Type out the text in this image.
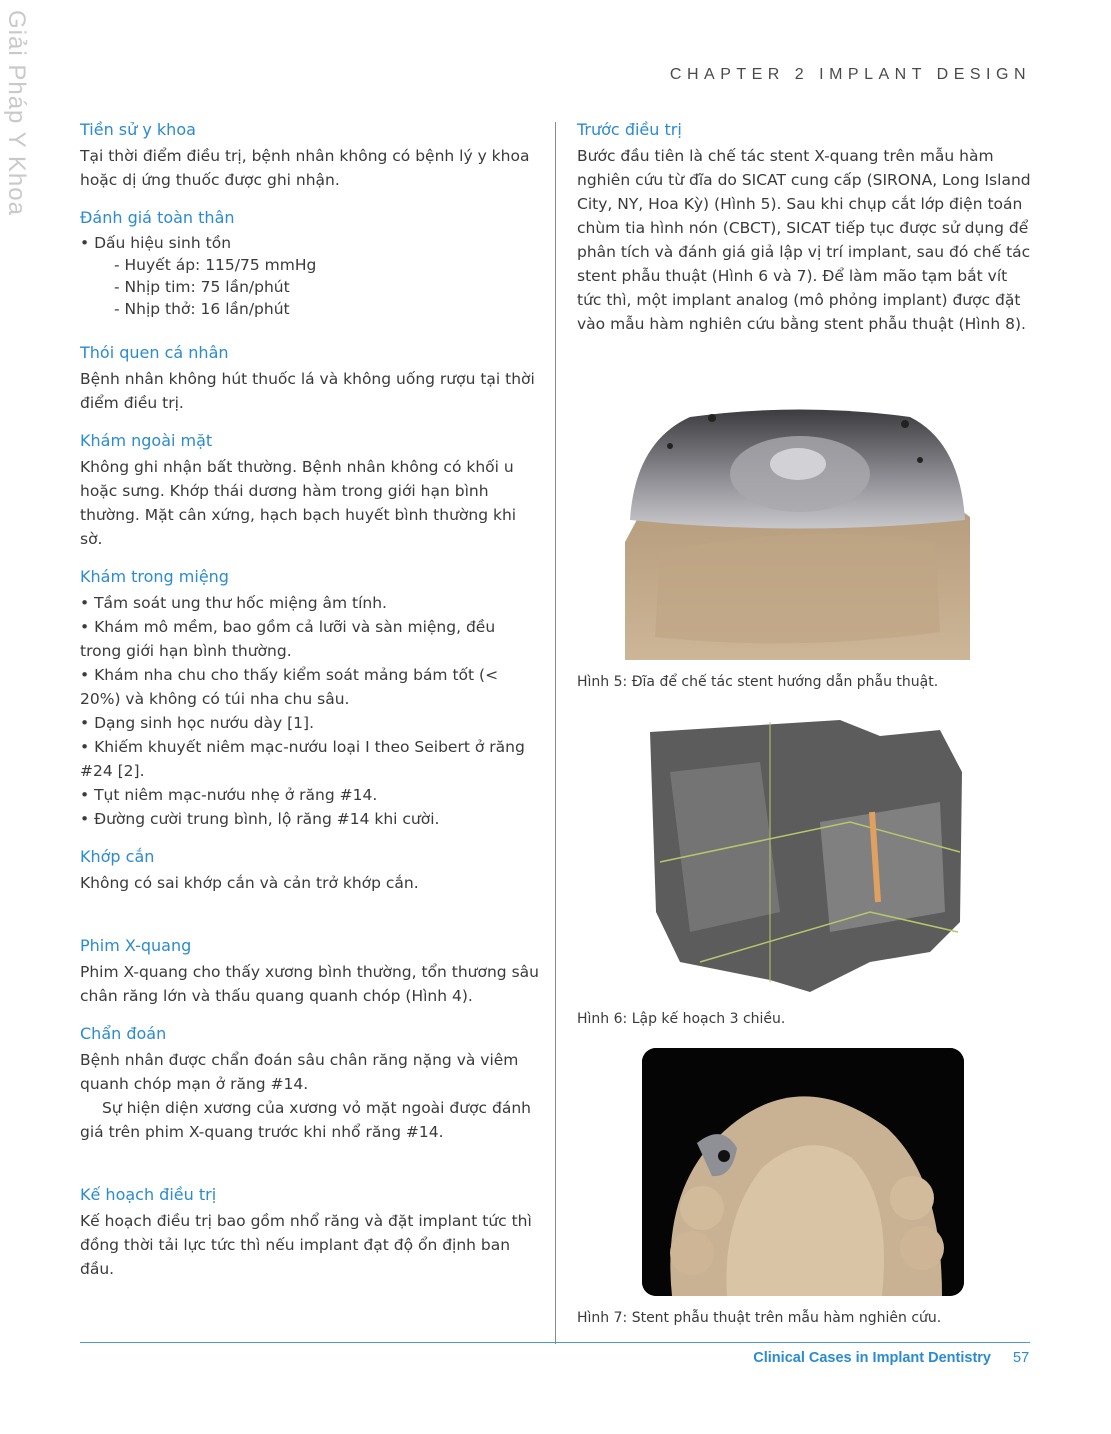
Giải Pháp Y Khoa	CHAPTER 2 IMPLANT DESIGN
Tiền sử y khoa

Tại thời điểm điều trị, bệnh nhân không có bệnh lý y khoa hoặc dị ứng thuốc được ghi nhận.

Đánh giá toàn thân
• Dấu hiệu sinh tồn
- Huyết áp: 115/75 mmHg
- Nhịp tim: 75 lần/phút
- Nhịp thở: 16 lần/phút
Thói quen cá nhân

Bệnh nhân không hút thuốc lá và không uống rượu tại thời điểm điều trị.

Khám ngoài mặt

Không ghi nhận bất thường. Bệnh nhân không có khối u hoặc sưng. Khớp thái dương hàm trong giới hạn bình thường. Mặt cân xứng, hạch bạch huyết bình thường khi sờ.

Khám trong miệng
• Tầm soát ung thư hốc miệng âm tính.
• Khám mô mềm, bao gồm cả lưỡi và sàn miệng, đều trong giới hạn bình thường.
• Khám nha chu cho thấy kiểm soát mảng bám tốt (< 20%) và không có túi nha chu sâu.
• Dạng sinh học nướu dày [1].
• Khiếm khuyết niêm mạc-nướu loại I theo Seibert ở răng #24 [2].
• Tụt niêm mạc-nướu nhẹ ở răng #14.
• Đường cười trung bình, lộ răng #14 khi cười.
Khớp cắn

Không có sai khớp cắn và cản trở khớp cắn.

Phim X-quang

Phim X-quang cho thấy xương bình thường, tổn thương sâu chân răng lớn và thấu quang quanh chóp (Hình 4).

Chẩn đoán

Bệnh nhân được chẩn đoán sâu chân răng nặng và viêm quanh chóp mạn ở răng #14.

Sự hiện diện xương của xương vỏ mặt ngoài được đánh giá trên phim X-quang trước khi nhổ răng #14.

Kế hoạch điều trị

Kế hoạch điều trị bao gồm nhổ răng và đặt implant tức thì đồng thời tải lực tức thì nếu implant đạt độ ổn định ban đầu.

Trước điều trị

Bước đầu tiên là chế tác stent X-quang trên mẫu hàm nghiên cứu từ đĩa do SICAT cung cấp (SIRONA, Long Island City, NY, Hoa Kỳ) (Hình 5). Sau khi chụp cắt lớp điện toán chùm tia hình nón (CBCT), SICAT tiếp tục được sử dụng để phân tích và đánh giá giả lập vị trí implant, sau đó chế tác stent phẫu thuật (Hình 6 và 7). Để làm mão tạm bắt vít tức thì, một implant analog (mô phỏng implant) được đặt vào mẫu hàm nghiên cứu bằng stent phẫu thuật (Hình 8).

Hình 5: Đĩa để chế tác stent hướng dẫn phẫu thuật.
Hình 6: Lập kế hoạch 3 chiều.
Hình 7: Stent phẫu thuật trên mẫu hàm nghiên cứu.
Clinical Cases in Implant Dentistry 57
